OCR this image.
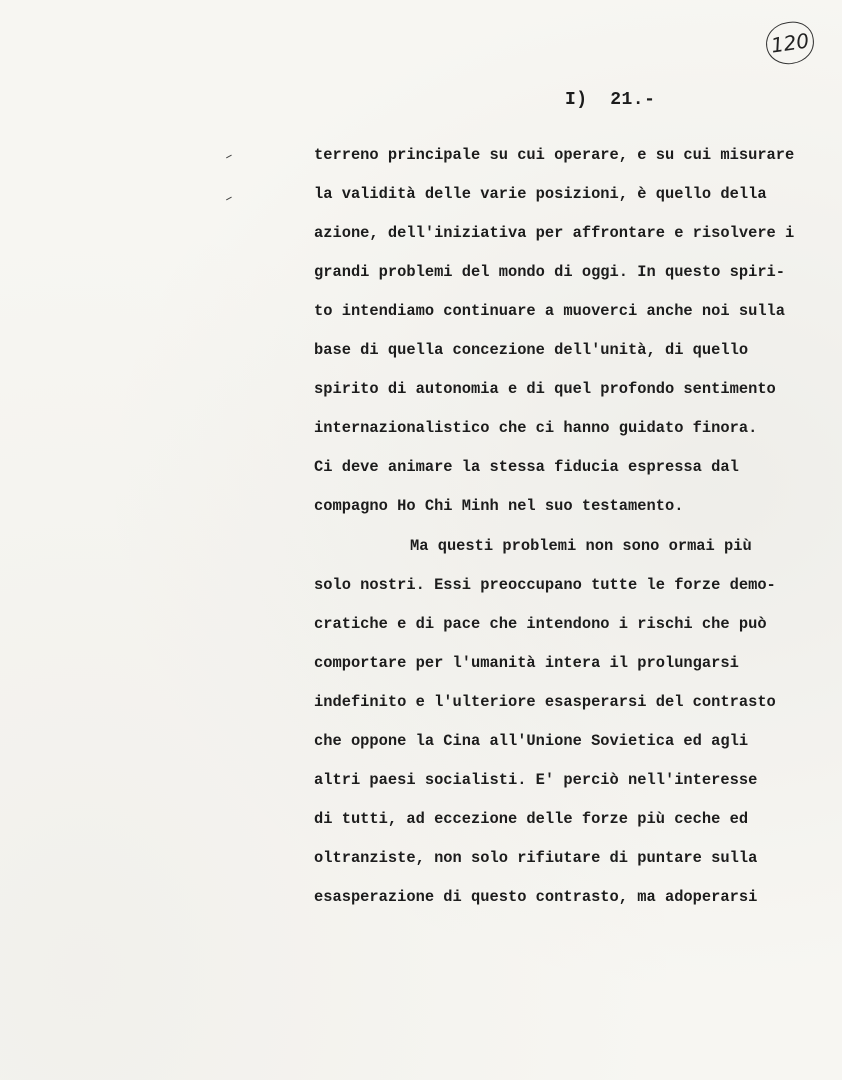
120
I)  21.-
terreno principale su cui operare, e su cui misurare
la validità delle varie posizioni, è quello della
azione, dell'iniziativa per affrontare e risolvere i
grandi problemi del mondo di oggi. In questo spiri-
to intendiamo continuare a muoverci anche noi sulla
base di quella concezione dell'unità, di quello
spirito di autonomia e di quel profondo sentimento
internazionalistico che ci hanno guidato finora.
Ci deve animare la stessa fiducia espressa dal
compagno Ho Chi Minh nel suo testamento.
Ma questi problemi non sono ormai più
solo nostri. Essi preoccupano tutte le forze demo-
cratiche e di pace che intendono i rischi che può
comportare per l'umanità intera il prolungarsi
indefinito e l'ulteriore esasperarsi del contrasto
che oppone la Cina all'Unione Sovietica ed agli
altri paesi socialisti. E' perciò nell'interesse
di tutti, ad eccezione delle forze più ceche ed
oltranziste, non solo rifiutare di puntare sulla
esasperazione di questo contrasto, ma adoperarsi
